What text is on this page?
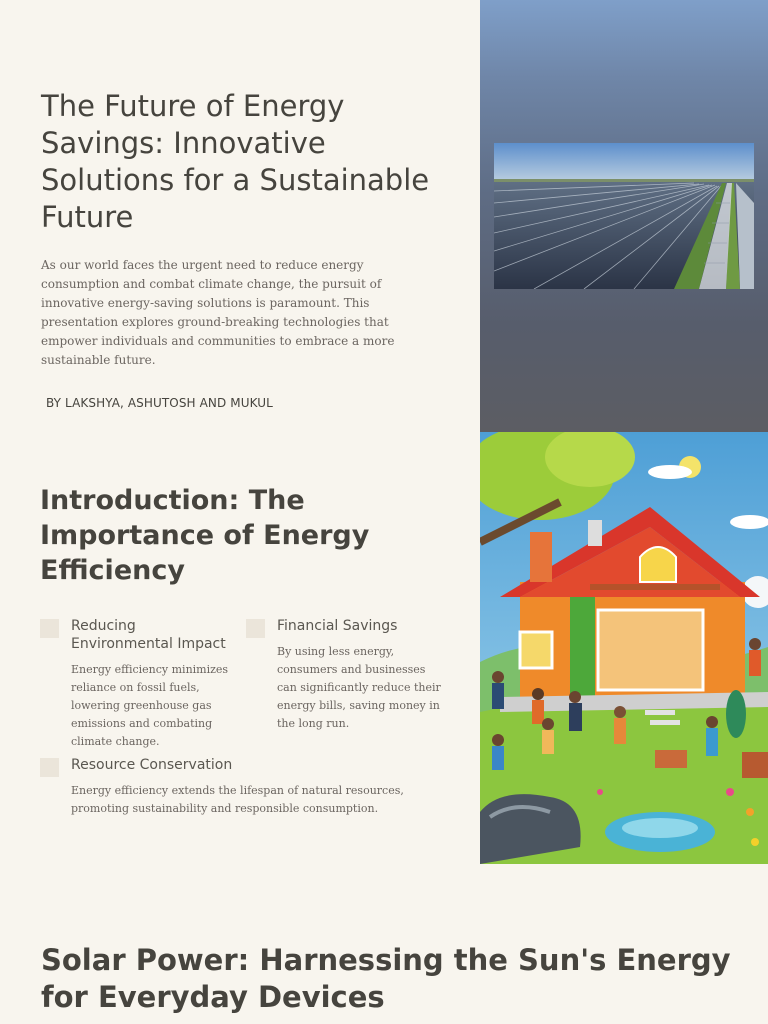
The Future of Energy Savings: Innovative Solutions for a Sustainable Future

As our world faces the urgent need to reduce energy consumption and combat climate change, the pursuit of innovative energy-saving solutions is paramount. This presentation explores ground-breaking technologies that empower individuals and communities to embrace a more sustainable future.

BY LAKSHYA, ASHUTOSH AND MUKUL

Introduction: The Importance of Energy Efficiency
Reducing Environmental Impact
Energy efficiency minimizes reliance on fossil fuels, lowering greenhouse gas emissions and combating climate change.
Financial Savings
By using less energy, consumers and businesses can significantly reduce their energy bills, saving money in the long run.
Resource Conservation
Energy efficiency extends the lifespan of natural resources, promoting sustainability and responsible consumption.
Solar Power: Harnessing the Sun's Energy for Everyday Devices
